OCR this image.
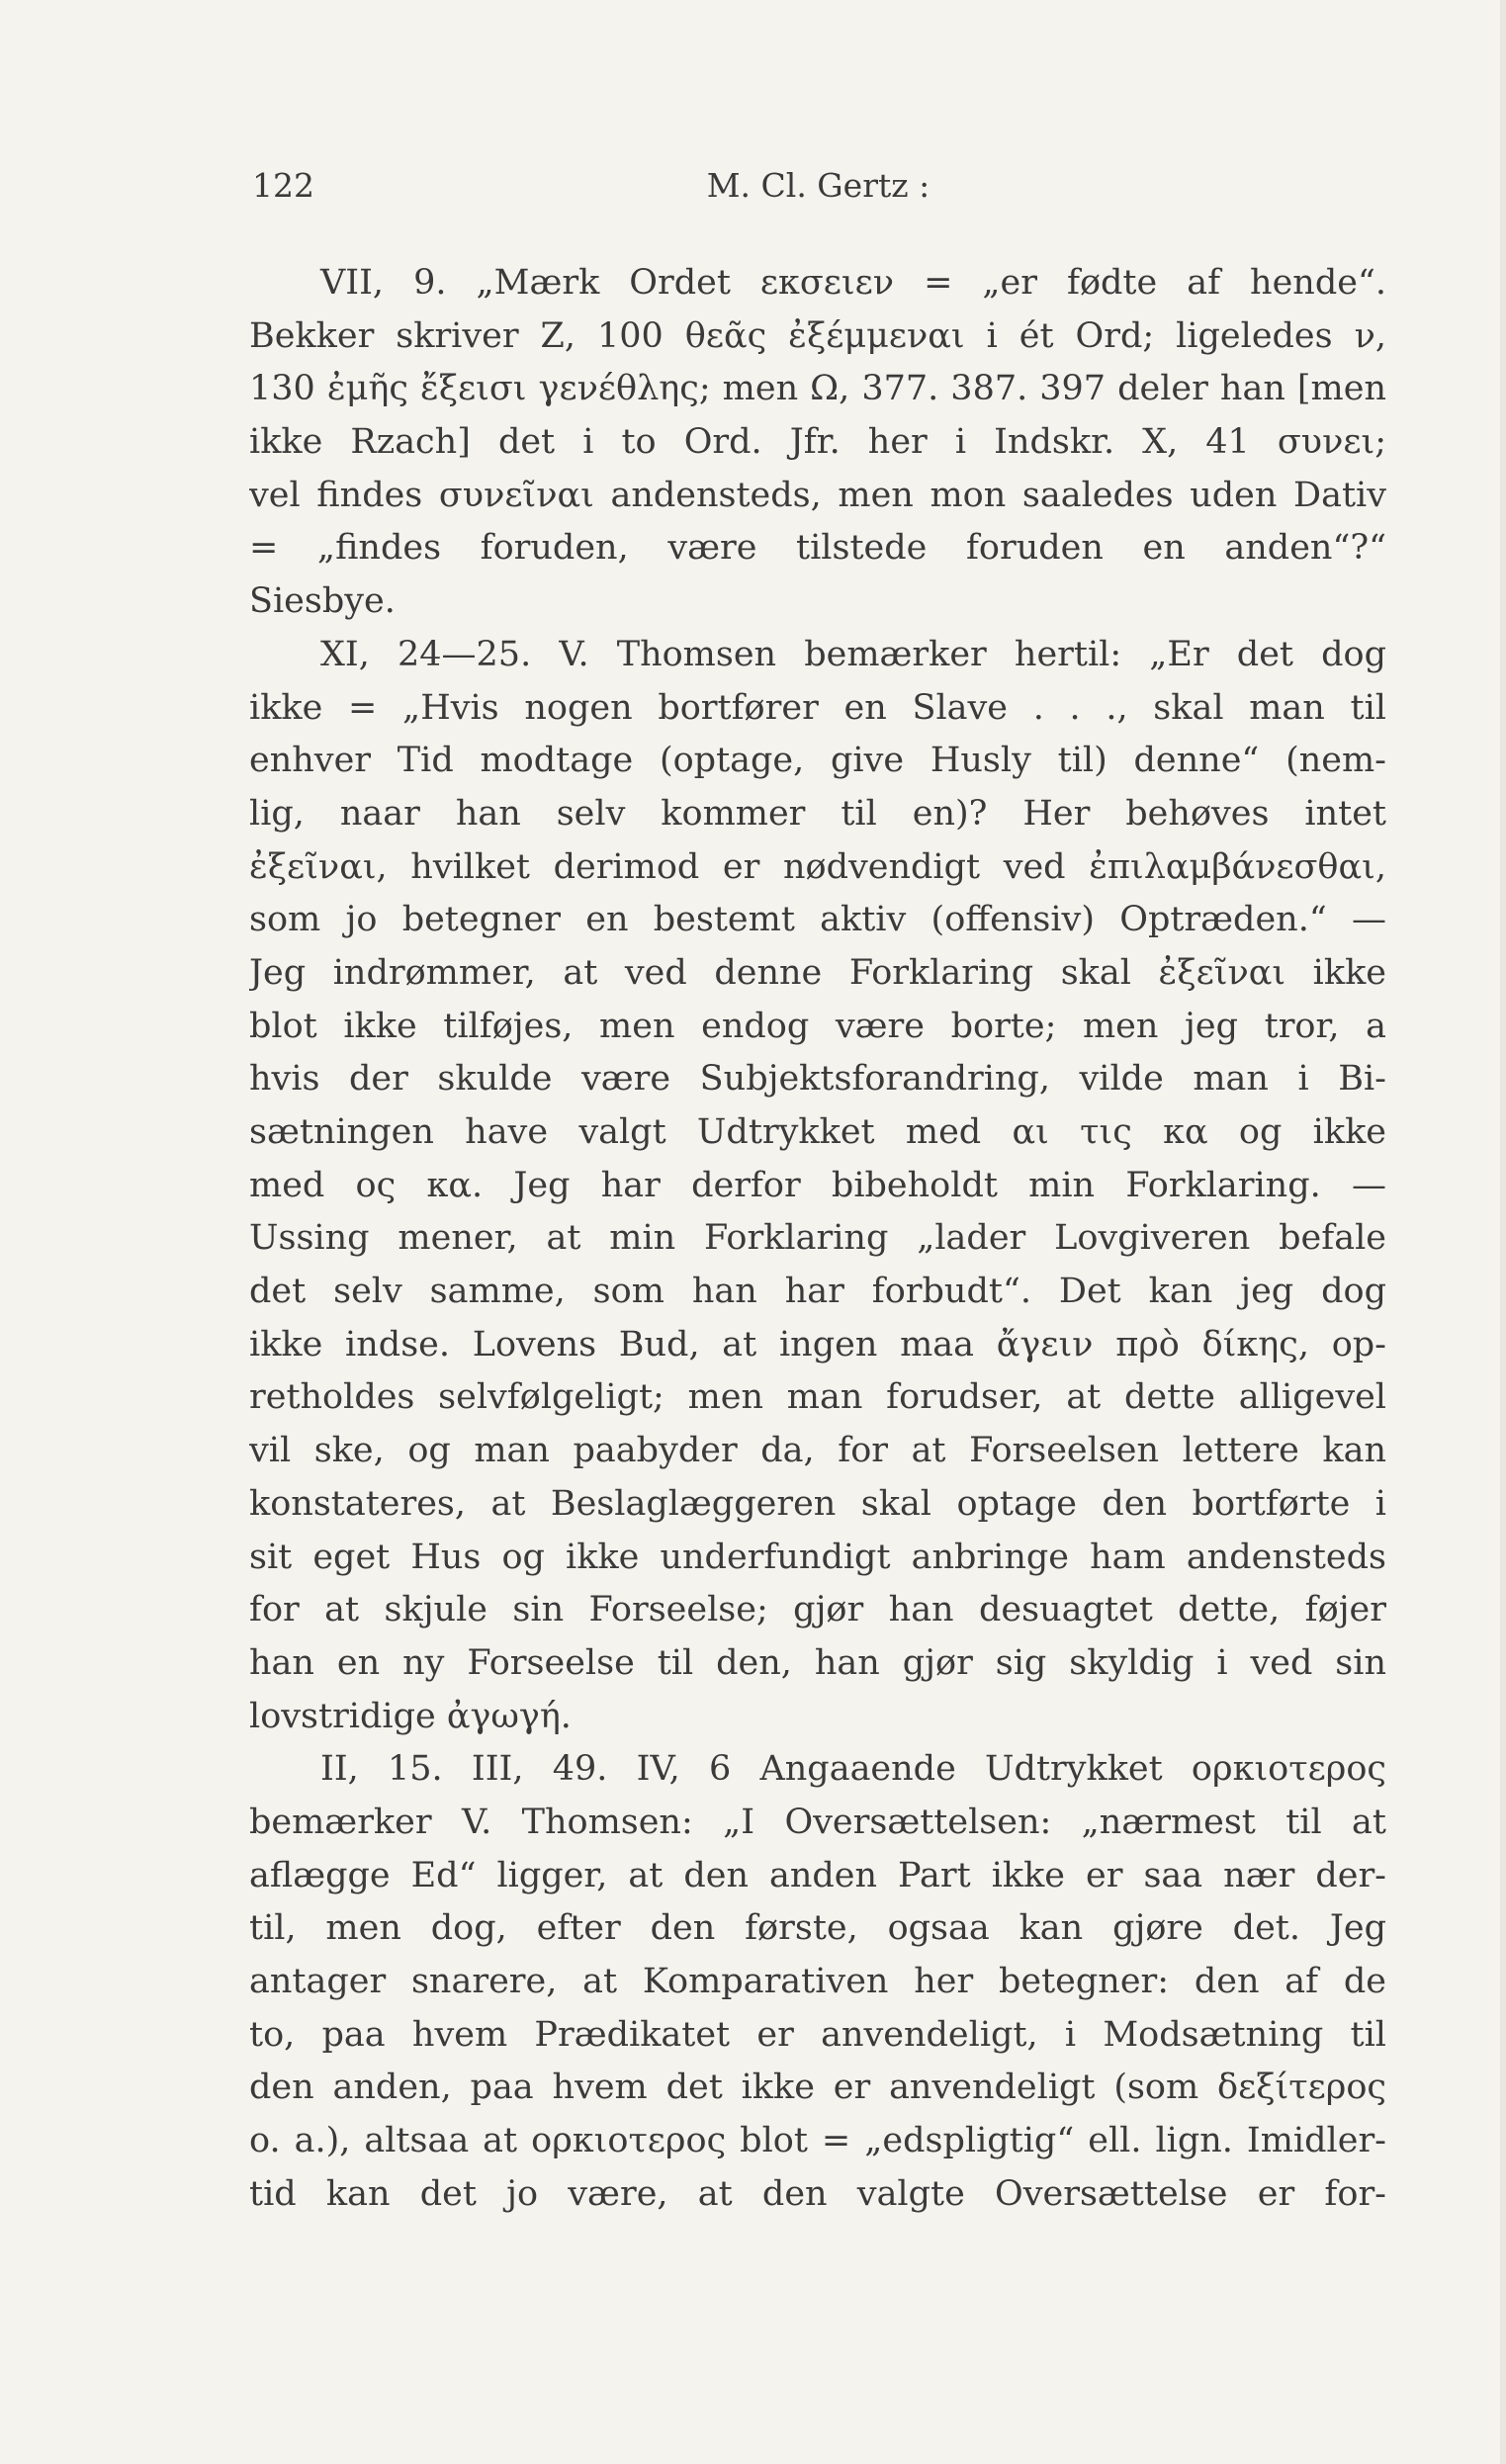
122	M. Cl. Gertz :
VII, 9. „Mærk Ordet εκσειεν = „er fødte af hende“.
Bekker skriver Ζ, 100 θεᾶς ἐξέμμεναι i ét Ord; ligeledes ν,
130 ἐμῆς ἔξεισι γενέθλης; men Ω, 377. 387. 397 deler han [men
ikke Rzach] det i to Ord. Jfr. her i Indskr. X, 41 συνει;
vel findes συνεῖναι andensteds, men mon saaledes uden Dativ
= „findes foruden, være tilstede foruden en anden“?“
Siesbye.
XI, 24—25. V. Thomsen bemærker hertil: „Er det dog
ikke = „Hvis nogen bortfører en Slave . . ., skal man til
enhver Tid modtage (optage, give Husly til) denne“ (nem-
lig, naar han selv kommer til en)? Her behøves intet
ἐξεῖναι, hvilket derimod er nødvendigt ved ἐπιλαμβάνεσθαι,
som jo betegner en bestemt aktiv (offensiv) Optræden.“ —
Jeg indrømmer, at ved denne Forklaring skal ἐξεῖναι ikke
blot ikke tilføjes, men endog være borte; men jeg tror, a
hvis der skulde være Subjektsforandring, vilde man i Bi-
sætningen have valgt Udtrykket med αι τις κα og ikke
med ος κα. Jeg har derfor bibeholdt min Forklaring. —
Ussing mener, at min Forklaring „lader Lovgiveren befale
det selv samme, som han har forbudt“. Det kan jeg dog
ikke indse. Lovens Bud, at ingen maa ἄγειν πρὸ δίκης, op-
retholdes selvfølgeligt; men man forudser, at dette alligevel
vil ske, og man paabyder da, for at Forseelsen lettere kan
konstateres, at Beslaglæggeren skal optage den bortførte i
sit eget Hus og ikke underfundigt anbringe ham andensteds
for at skjule sin Forseelse; gjør han desuagtet dette, føjer
han en ny Forseelse til den, han gjør sig skyldig i ved sin
lovstridige ἀγωγή.
II, 15. III, 49. IV, 6 Angaaende Udtrykket ορκιοτερος
bemærker V. Thomsen: „I Oversættelsen: „nærmest til at
aflægge Ed“ ligger, at den anden Part ikke er saa nær der-
til, men dog, efter den første, ogsaa kan gjøre det. Jeg
antager snarere, at Komparativen her betegner: den af de
to, paa hvem Prædikatet er anvendeligt, i Modsætning til
den anden, paa hvem det ikke er anvendeligt (som δεξίτερος
o. a.), altsaa at ορκιοτερος blot = „edspligtig“ ell. lign. Imidler-
tid kan det jo være, at den valgte Oversættelse er for-
